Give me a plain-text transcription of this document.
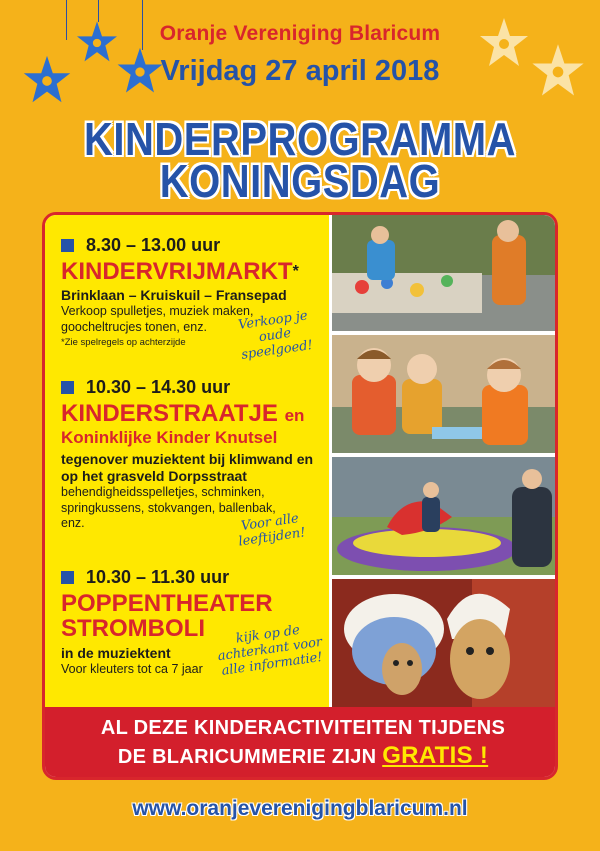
Oranje Vereniging Blaricum
Vrijdag 27 april 2018
KINDERPROGRAMMA
KONINGSDAG
8.30 – 13.00 uur
KINDERVRIJMARKT*
Brinklaan – Kruiskuil – Fransepad
Verkoop spulletjes, muziek maken, goocheltrucjes tonen, enz.
*Zie spelregels op achterzijde
Verkoop je oude speelgoed!
10.30 – 14.30 uur
KINDERSTRAATJE en
Koninklijke Kinder Knutsel
tegenover muziektent bij klimwand en op het grasveld Dorpsstraat
behendigheidsspelletjes, schminken, springkussens, stokvangen, ballenbak, enz.	Voor alle leeftijden!
10.30 – 11.30 uur
POPPENTHEATER
STROMBOLI
in de muziektent
Voor kleuters tot ca 7 jaar
kijk op de achterkant voor alle informatie!
AL DEZE KINDERACTIVITEITEN TIJDENS
DE BLARICUMMERIE ZIJN GRATIS !
www.oranjeverenigingblaricum.nl
